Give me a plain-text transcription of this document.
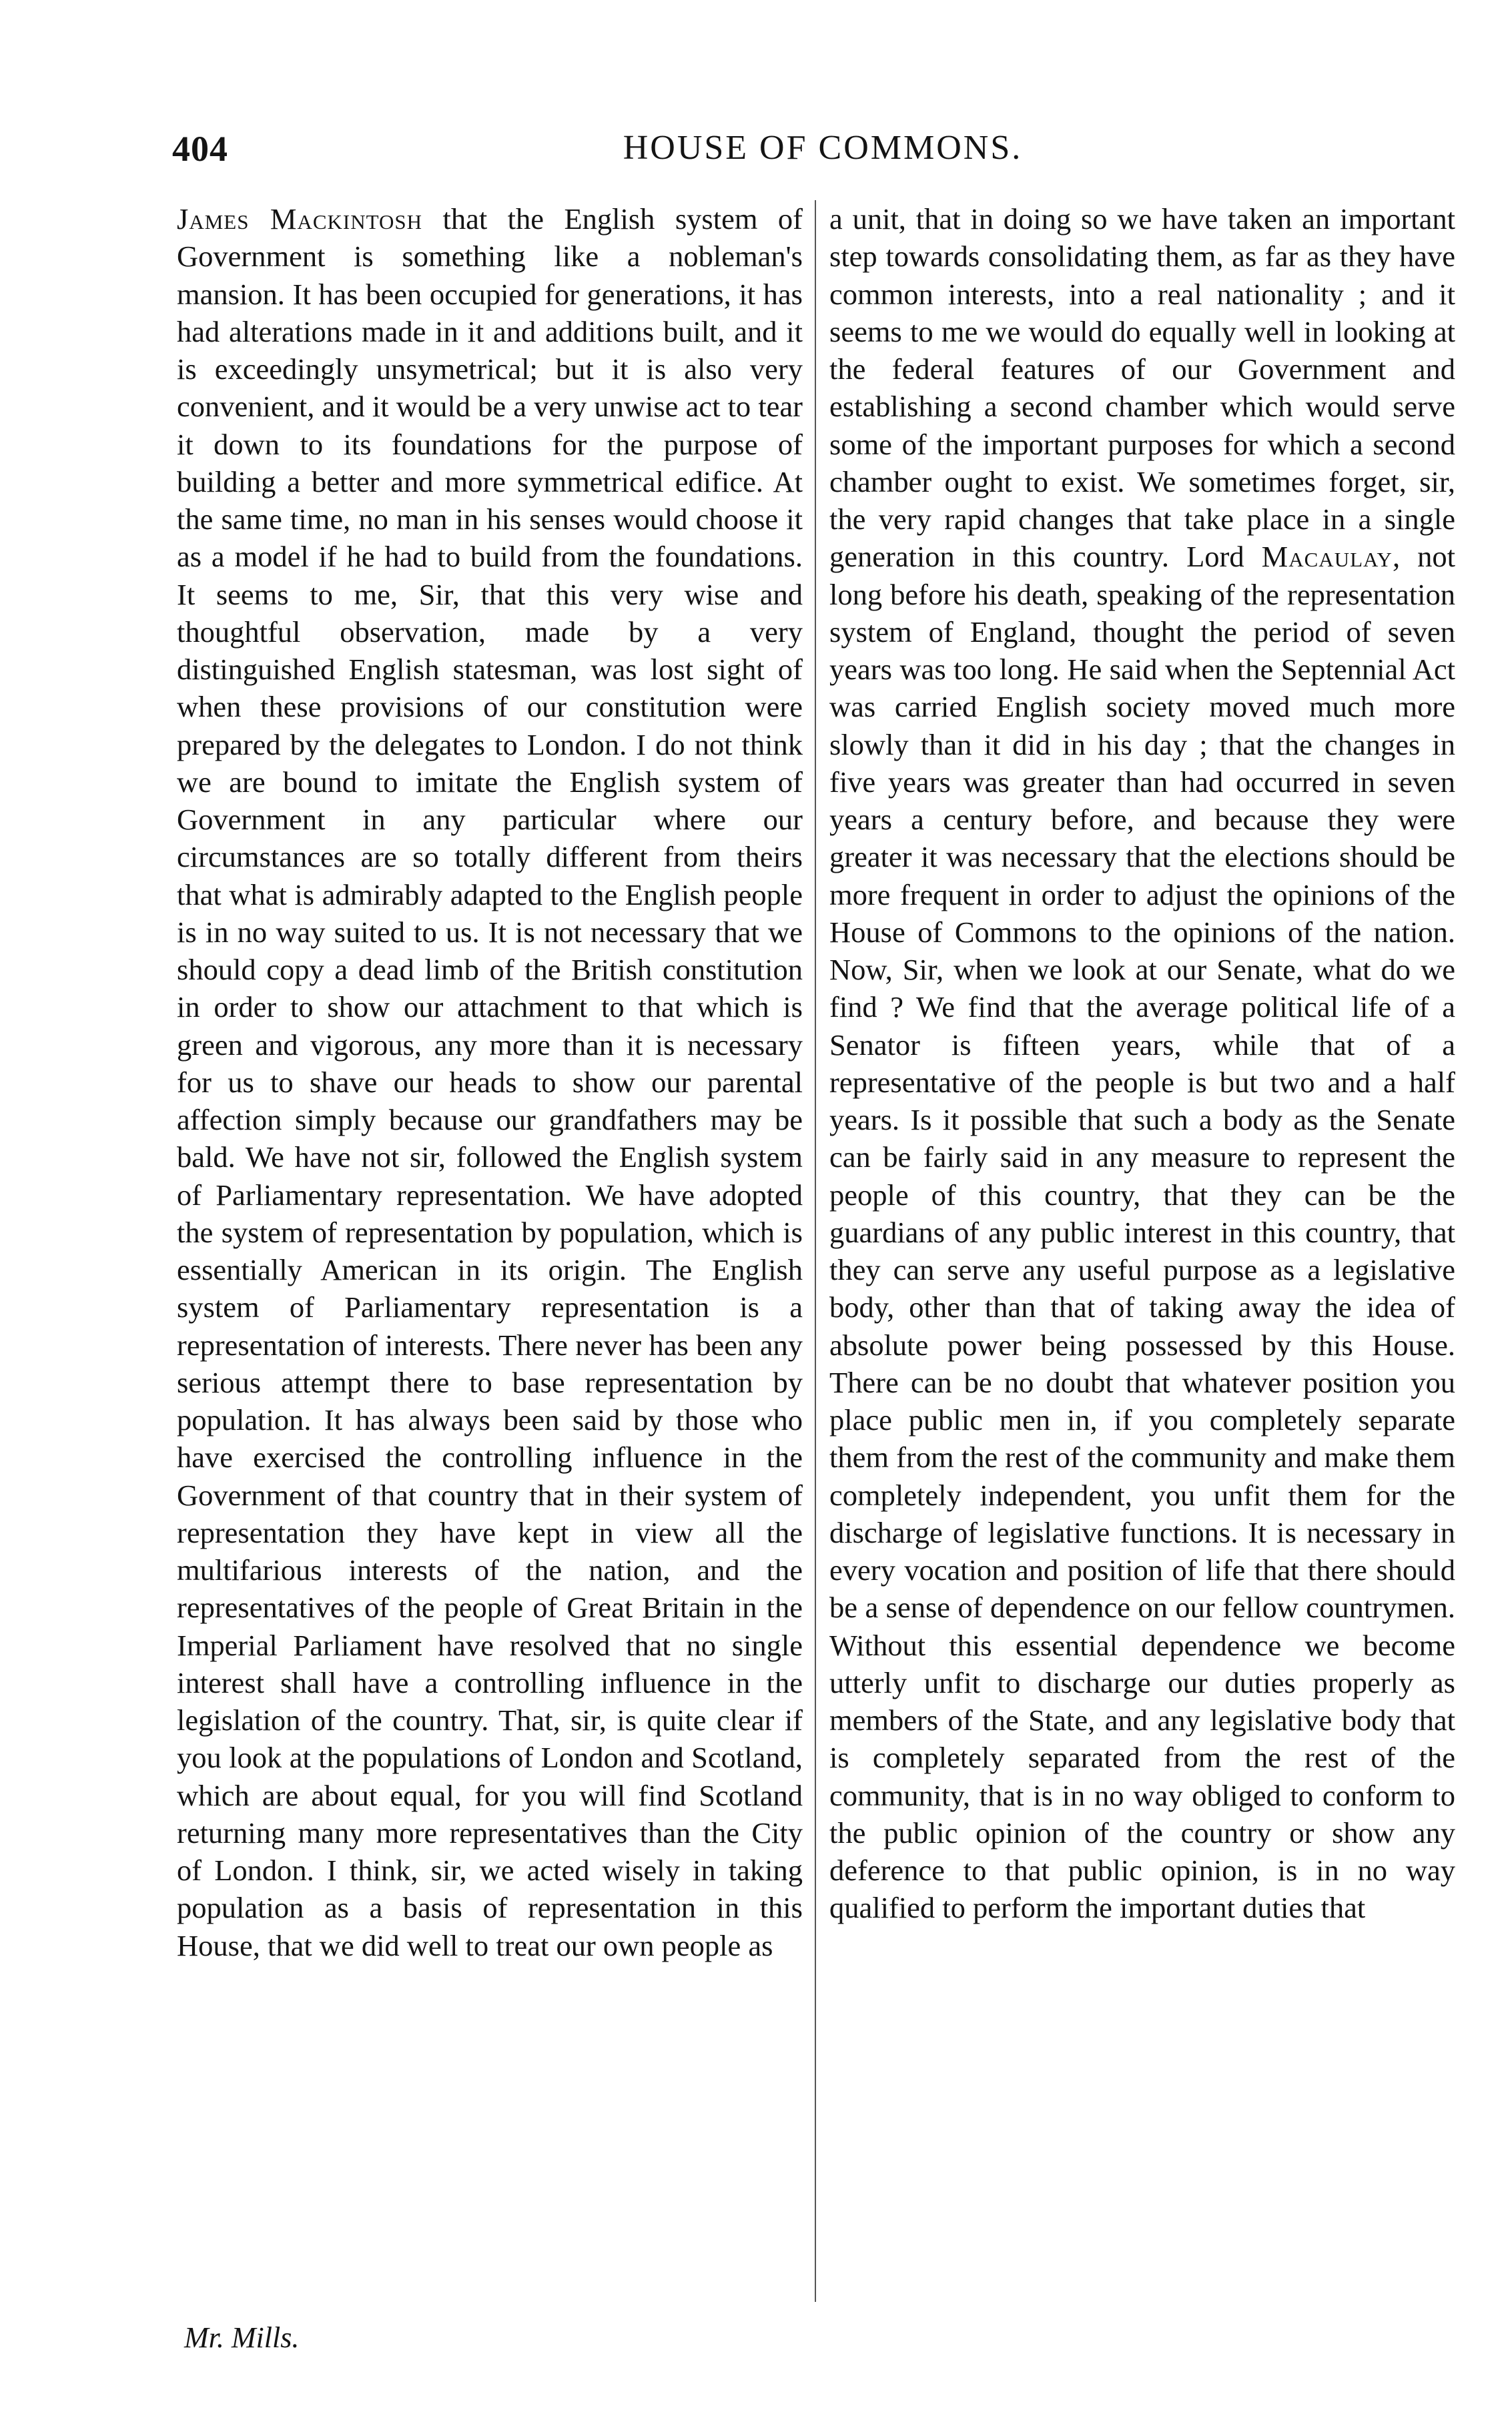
404	HOUSE OF COMMONS.

James Mackintosh that the English system of Government is something like a nobleman's mansion. It has been occupied for generations, it has had alterations made in it and additions built, and it is exceedingly unsymetrical; but it is also very convenient, and it would be a very unwise act to tear it down to its foundations for the purpose of building a better and more symmetrical edifice. At the same time, no man in his senses would choose it as a model if he had to build from the foundations. It seems to me, Sir, that this very wise and thoughtful observation, made by a very distinguished English statesman, was lost sight of when these provisions of our constitution were prepared by the delegates to London. I do not think we are bound to imitate the English system of Government in any particular where our circumstances are so totally different from theirs that what is admirably adapted to the English people is in no way suited to us. It is not necessary that we should copy a dead limb of the British constitution in order to show our attachment to that which is green and vigorous, any more than it is necessary for us to shave our heads to show our parental affection simply because our grandfathers may be bald. We have not sir, followed the English system of Parliamentary representation. We have adopted the system of representation by population, which is essentially American in its origin. The English system of Parliamentary representation is a representation of interests. There never has been any serious attempt there to base representation by population. It has always been said by those who have exercised the controlling influence in the Government of that country that in their system of representation they have kept in view all the multifarious interests of the nation, and the representatives of the people of Great Britain in the Imperial Parliament have resolved that no single interest shall have a controlling influence in the legislation of the country. That, sir, is quite clear if you look at the populations of London and Scotland, which are about equal, for you will find Scotland returning many more representatives than the City of London. I think, sir, we acted wisely in taking population as a basis of representation in this House, that we did well to treat our own people as

a unit, that in doing so we have taken an important step towards consolidating them, as far as they have common interests, into a real nationality ; and it seems to me we would do equally well in looking at the federal features of our Government and establishing a second chamber which would serve some of the important purposes for which a second chamber ought to exist. We sometimes forget, sir, the very rapid changes that take place in a single generation in this country. Lord Macaulay, not long before his death, speaking of the representation system of England, thought the period of seven years was too long. He said when the Septennial Act was carried English society moved much more slowly than it did in his day ; that the changes in five years was greater than had occurred in seven years a century before, and because they were greater it was necessary that the elections should be more frequent in order to adjust the opinions of the House of Commons to the opinions of the nation. Now, Sir, when we look at our Senate, what do we find ? We find that the average political life of a Senator is fifteen years, while that of a representative of the people is but two and a half years. Is it possible that such a body as the Senate can be fairly said in any measure to represent the people of this country, that they can be the guardians of any public interest in this country, that they can serve any useful purpose as a legislative body, other than that of taking away the idea of absolute power being possessed by this House. There can be no doubt that whatever position you place public men in, if you completely separate them from the rest of the community and make them completely independent, you unfit them for the discharge of legislative functions. It is necessary in every vocation and position of life that there should be a sense of dependence on our fellow countrymen. Without this essential dependence we become utterly unfit to discharge our duties properly as members of the State, and any legislative body that is completely separated from the rest of the community, that is in no way obliged to conform to the public opinion of the country or show any deference to that public opinion, is in no way qualified to perform the important duties that

Mr. Mills.
